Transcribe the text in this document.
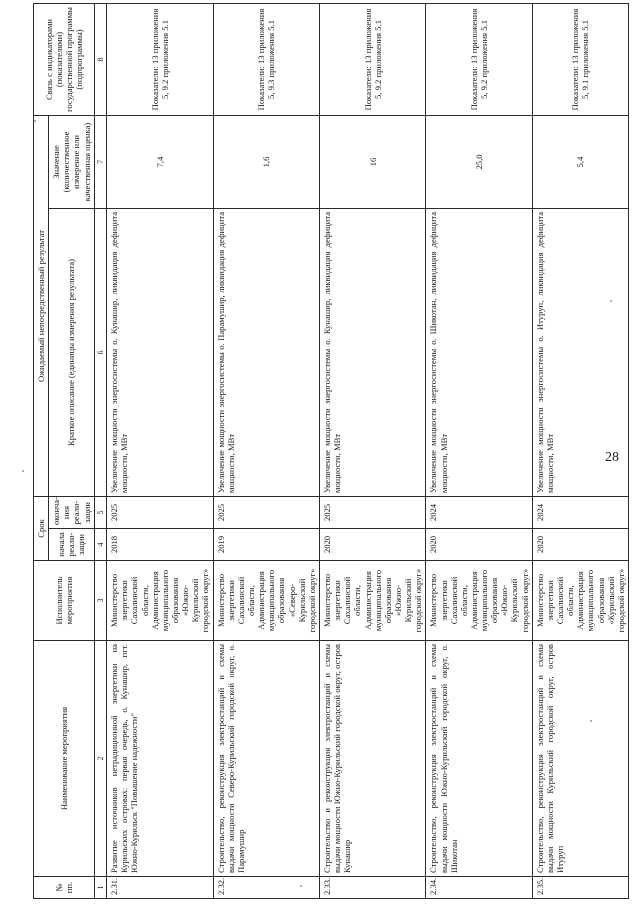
28
№ пп.	Наименование мероприятия	Исполнитель мероприятия	Срок		Ожидаемый непосредственный результат		Связь с индикаторами (показателями) государственной программы (подпрограммы)
			начала реали-зации	оконча-ния реали-зации	Краткое описание (единицы измерения результата)	Значение (количественное измерение или качественная оценка)	

1	2	3	4	5	6	7	8
2.31.	Развитие источников нетрадиционной энергетики на Курильских островах: первая очередь, о. Кунашир, пгт. Южно-Курильск "Повышение надежности"	Министерство энергетики Сахалинской области, Администрация муниципального образования «Южно-Курильский городской округ»	2018	2025	Увеличение мощности энергосистемы о. Кунашир, ликвидация дефицита мощности, МВт	7,4	Показатели: 13 приложения 5, 9.2 приложения 5.1
2.32.	Строительство, реконструкция электростанций и схемы выдачи мощности Северо-Курильский городской округ, о. Парамушир	Министерство энергетики Сахалинской области, Администрация муниципального образования «Северо-Курильский городской округ»	2019	2025	Увеличение мощности энергосистемы о. Парамушир, ликвидация дефицита мощности, МВт	1,6	Показатели: 13 приложения 5, 9.3 приложения 5.1
2.33.	Строительство и реконструкция электростанций и схемы выдачи мощности Южно-Курильский городской округ, остров Кунашир	Министерство энергетики Сахалинской области, Администрация муниципального образования «Южно-Курильский городской округ»	2020	2025	Увеличение мощности энергосистемы о. Кунашир, ликвидация дефицита мощности, МВт	16	Показатели: 13 приложения 5, 9.2 приложения 5.1
2.34.	Строительство, реконструкция электростанций и схемы выдачи мощности Южно-Курильский городской округ, о. Шикотан	Министерство энергетики Сахалинской области, Администрация муниципального образования «Южно-Курильский городской округ»	2020	2024	Увеличение мощности энергосистемы о. Шикотан, ликвидация дефицита мощности, МВт	25,0	Показатели: 13 приложения 5, 9.2 приложения 5.1
2.35.	Строительство, реконструкция электростанций и схемы выдачи мощности Курильский городской округ, остров Итуруп	Министерство энергетики Сахалинской области, Администрация муниципального образования «Курильский городской округ»	2020	2024	Увеличение мощности энергосистемы о. Итуруп, ликвидация дефицита мощности, МВт	5,4	Показатели: 13 приложения 5, 9.1 приложения 5.1
